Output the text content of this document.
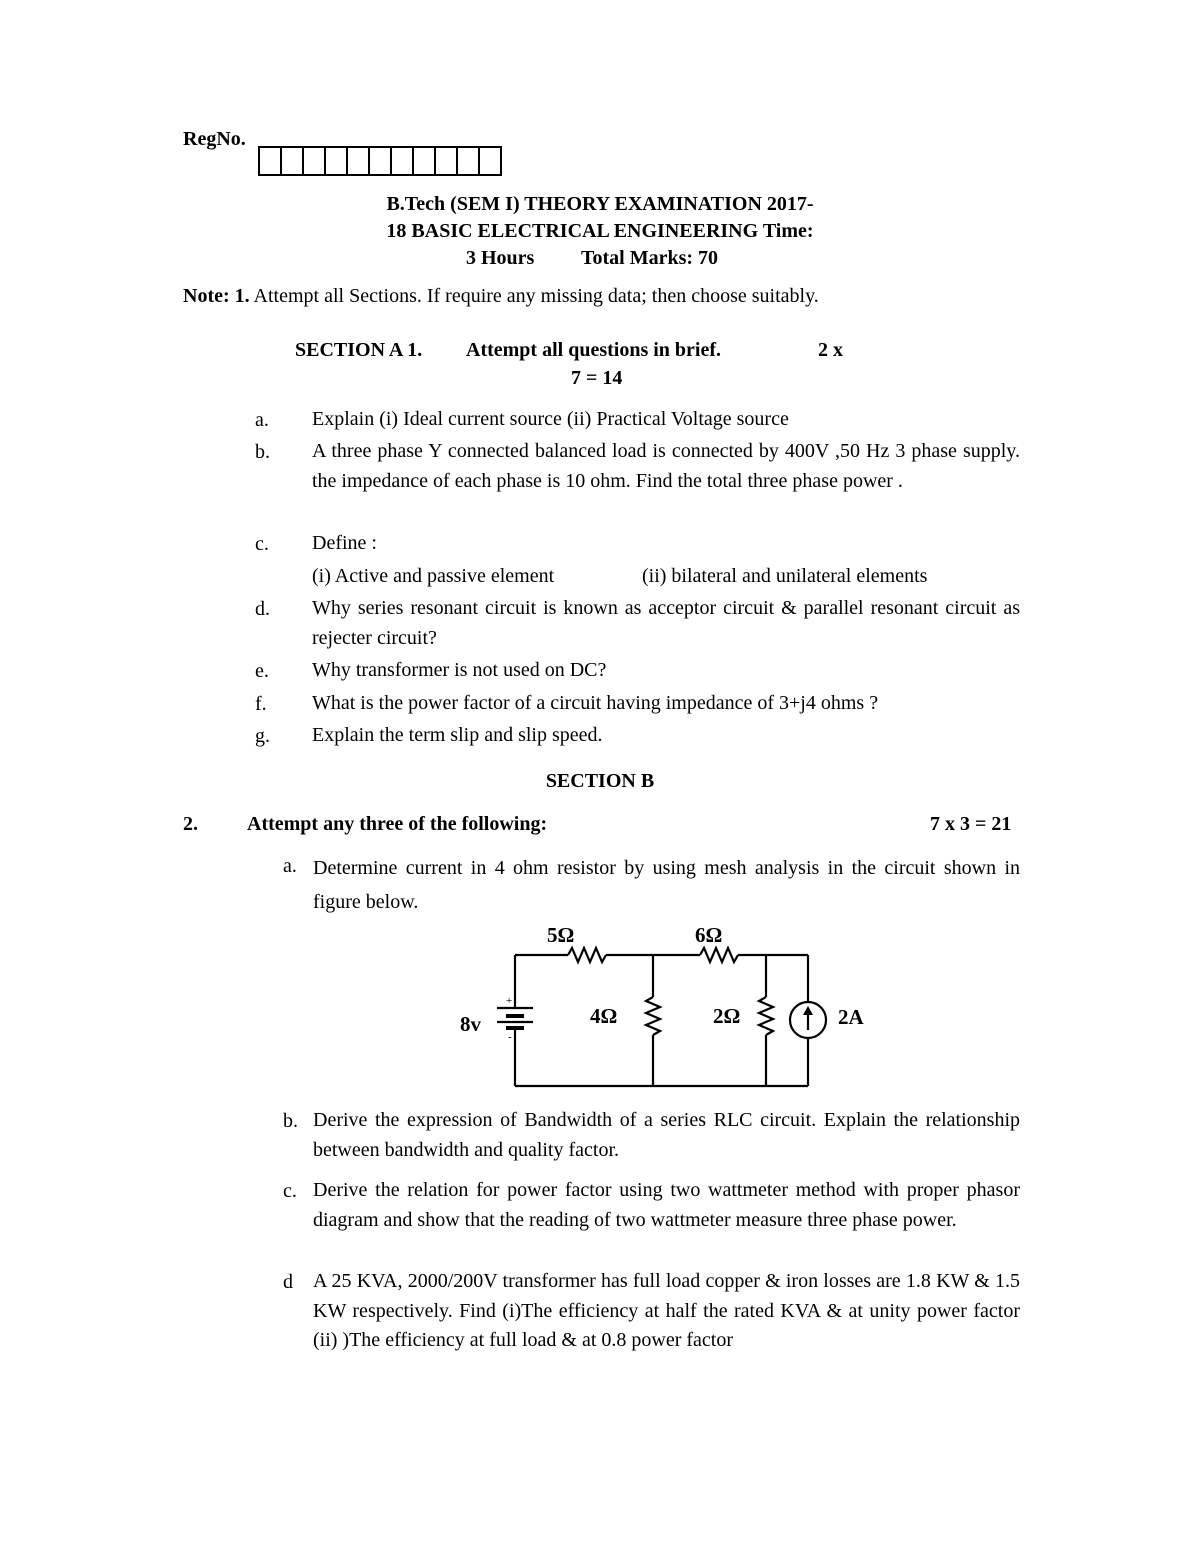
RegNo.
B.Tech (SEM I) THEORY EXAMINATION 2017-
18 BASIC ELECTRICAL ENGINEERING Time:
3 Hours Total Marks: 70
Note: 1. Attempt all Sections. If require any missing data; then choose suitably.
SECTION A 1. Attempt all questions in brief.	2 x
7 = 14
a. Explain (i) Ideal current source (ii) Practical Voltage source
b. A three phase Y connected balanced load is connected by 400V ,50 Hz 3 phase supply. the impedance of each phase is 10 ohm. Find the total three phase power .
c. Define :
(i) Active and passive element	(ii) bilateral and unilateral elements
d. Why series resonant circuit is known as acceptor circuit & parallel resonant circuit as rejecter circuit?
e. Why transformer is not used on DC?
f. What is the power factor of a circuit having impedance of 3+j4 ohms ?
g. Explain the term slip and slip speed.
SECTION B
2. Attempt any three of the following:	7 x 3 = 21
a. Determine current in 4 ohm resistor by using mesh analysis in the circuit shown in figure below.
5Ω	6Ω
4Ω	2Ω
8v	2A
+
-
b. Derive the expression of Bandwidth of a series RLC circuit. Explain the relationship between bandwidth and quality factor.
c. Derive the relation for power factor using two wattmeter method with proper phasor diagram and show that the reading of two wattmeter measure three phase power.
d A 25 KVA, 2000/200V transformer has full load copper & iron losses are 1.8 KW & 1.5 KW respectively. Find (i)The efficiency at half the rated KVA & at unity power factor (ii) )The efficiency at full load & at 0.8 power factor
